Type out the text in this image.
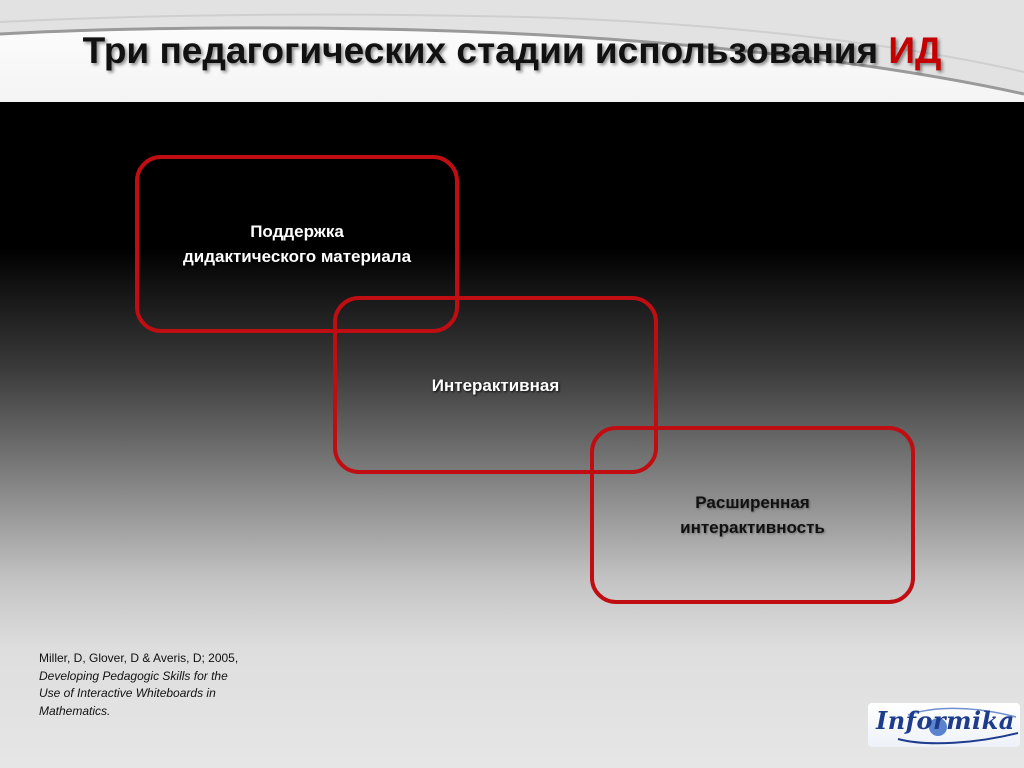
Три педагогических стадии использования ИД
Поддержка
дидактического материала
Интерактивная
Расширенная
интерактивность
Miller, D, Glover, D & Averis, D; 2005,
Developing Pedagogic Skills for the
Use of Interactive Whiteboards in
Mathematics.	Informika
